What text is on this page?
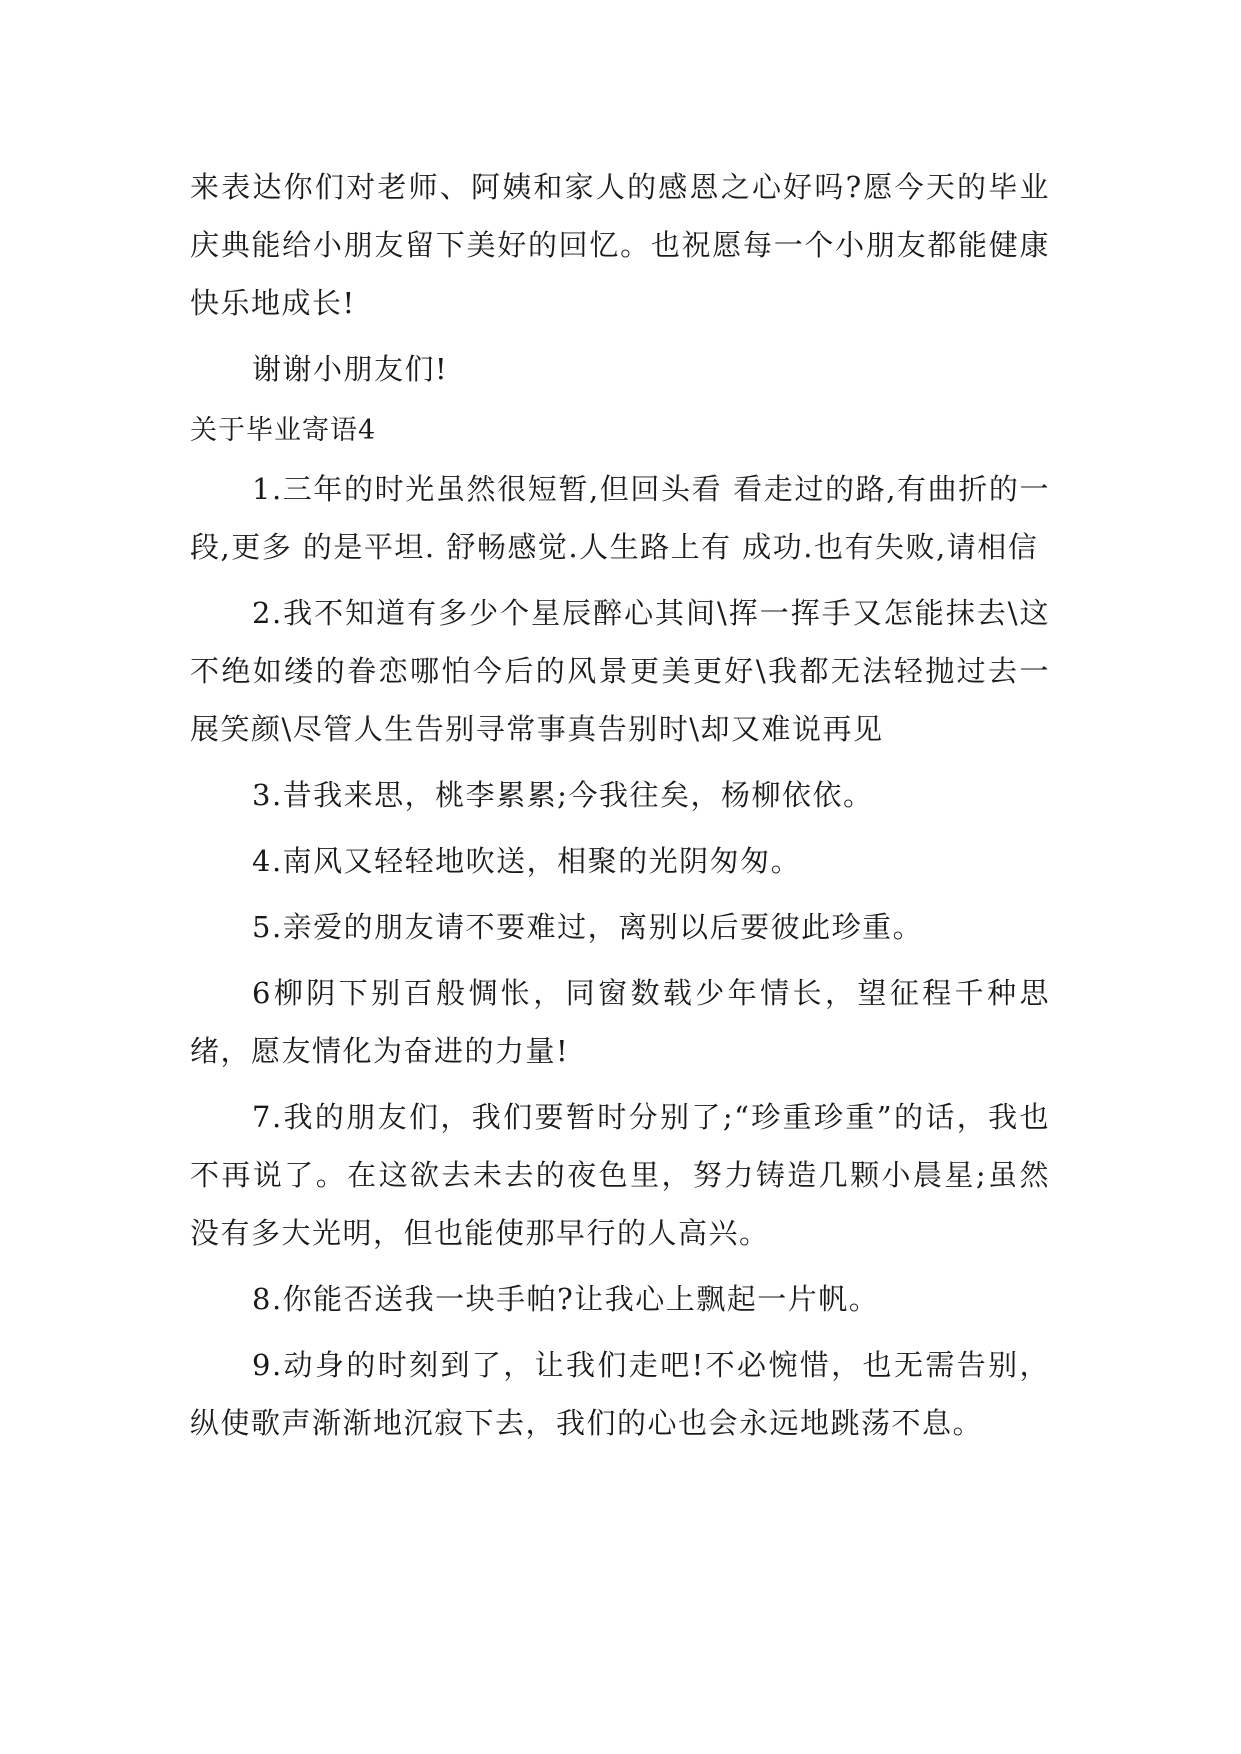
来表达你们对老师、阿姨和家人的感恩之心好吗?愿今天的毕业庆典能给小朋友留下美好的回忆。也祝愿每一个小朋友都能健康快乐地成长!

谢谢小朋友们!

关于毕业寄语4

1.三年的时光虽然很短暂,但回头看 看走过的路,有曲折的一段,更多 的是平坦. 舒畅感觉.人生路上有 成功.也有失败,请相信

2.我不知道有多少个星辰醉心其间\挥一挥手又怎能抹去\这不绝如缕的眷恋哪怕今后的风景更美更好\我都无法轻抛过去一展笑颜\尽管人生告别寻常事真告别时\却又难说再见

3.昔我来思，桃李累累;今我往矣，杨柳依依。

4.南风又轻轻地吹送，相聚的光阴匆匆。

5.亲爱的朋友请不要难过，离别以后要彼此珍重。

6柳阴下别百般惆怅，同窗数载少年情长，望征程千种思绪，愿友情化为奋进的力量!

7.我的朋友们，我们要暂时分别了;“珍重珍重”的话，我也不再说了。在这欲去未去的夜色里，努力铸造几颗小晨星;虽然没有多大光明，但也能使那早行的人高兴。

8.你能否送我一块手帕?让我心上飘起一片帆。

9.动身的时刻到了，让我们走吧!不必惋惜，也无需告别，纵使歌声渐渐地沉寂下去，我们的心也会永远地跳荡不息。
